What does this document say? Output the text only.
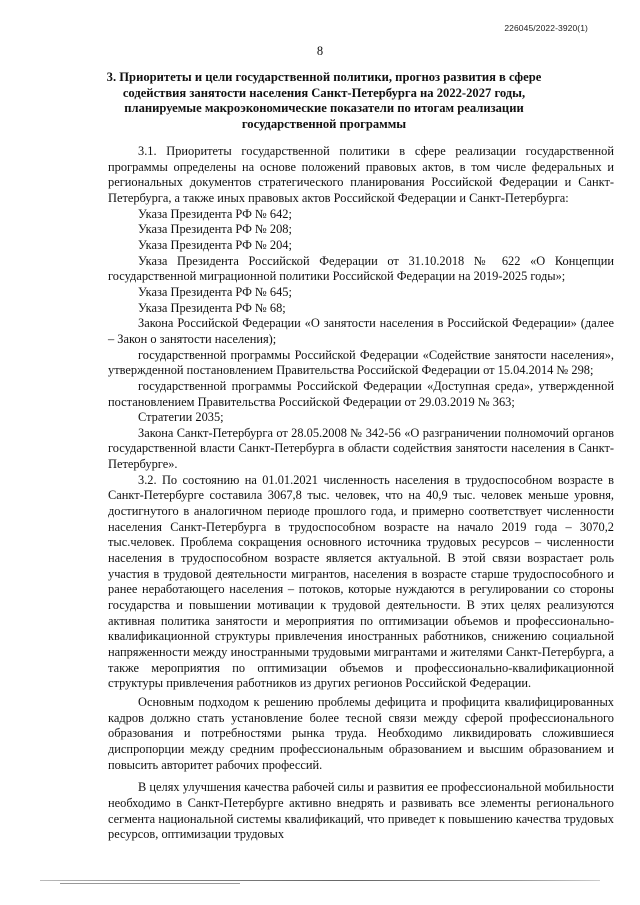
226045/2022-3920(1)
8
3. Приоритеты и цели государственной политики, прогноз развития в сфере содействия занятости населения Санкт-Петербурга на 2022-2027 годы, планируемые макроэкономические показатели по итогам реализации государственной программы

3.1. Приоритеты государственной политики в сфере реализации государственной программы определены на основе положений правовых актов, в том числе федеральных и региональных документов стратегического планирования Российской Федерации и Санкт-Петербурга, а также иных правовых актов Российской Федерации и Санкт-Петербурга:

Указа Президента РФ № 642;

Указа Президента РФ № 208;

Указа Президента РФ № 204;

Указа Президента Российской Федерации от 31.10.2018 № 622 «О Концепции государственной миграционной политики Российской Федерации на 2019-2025 годы»;

Указа Президента РФ № 645;

Указа Президента РФ № 68;

Закона Российской Федерации «О занятости населения в Российской Федерации» (далее – Закон о занятости населения);

государственной программы Российской Федерации «Содействие занятости населения», утвержденной постановлением Правительства Российской Федерации от 15.04.2014 № 298;

государственной программы Российской Федерации «Доступная среда», утвержденной постановлением Правительства Российской Федерации от 29.03.2019 № 363;

Стратегии 2035;

Закона Санкт-Петербурга от 28.05.2008 № 342-56 «О разграничении полномочий органов государственной власти Санкт-Петербурга в области содействия занятости населения в Санкт-Петербурге».

3.2. По состоянию на 01.01.2021 численность населения в трудоспособном возрасте в Санкт-Петербурге составила 3067,8 тыс. человек, что на 40,9 тыс. человек меньше уровня, достигнутого в аналогичном периоде прошлого года, и примерно соответствует численности населения Санкт-Петербурга в трудоспособном возрасте на начало 2019 года – 3070,2 тыс.человек. Проблема сокращения основного источника трудовых ресурсов – численности населения в трудоспособном возрасте является актуальной. В этой связи возрастает роль участия в трудовой деятельности мигрантов, населения в возрасте старше трудоспособного и ранее неработающего населения – потоков, которые нуждаются в регулировании со стороны государства и повышении мотивации к трудовой деятельности. В этих целях реализуются активная политика занятости и мероприятия по оптимизации объемов и профессионально-квалификационной структуры привлечения иностранных работников, снижению социальной напряженности между иностранными трудовыми мигрантами и жителями Санкт-Петербурга, а также мероприятия по оптимизации объемов и профессионально-квалификационной структуры привлечения работников из других регионов Российской Федерации.

Основным подходом к решению проблемы дефицита и профицита квалифицированных кадров должно стать установление более тесной связи между сферой профессионального образования и потребностями рынка труда. Необходимо ликвидировать сложившиеся диспропорции между средним профессиональным образованием и высшим образованием и повысить авторитет рабочих профессий.

В целях улучшения качества рабочей силы и развития ее профессиональной мобильности необходимо в Санкт-Петербурге активно внедрять и развивать все элементы регионального сегмента национальной системы квалификаций, что приведет к повышению качества трудовых ресурсов, оптимизации трудовых
